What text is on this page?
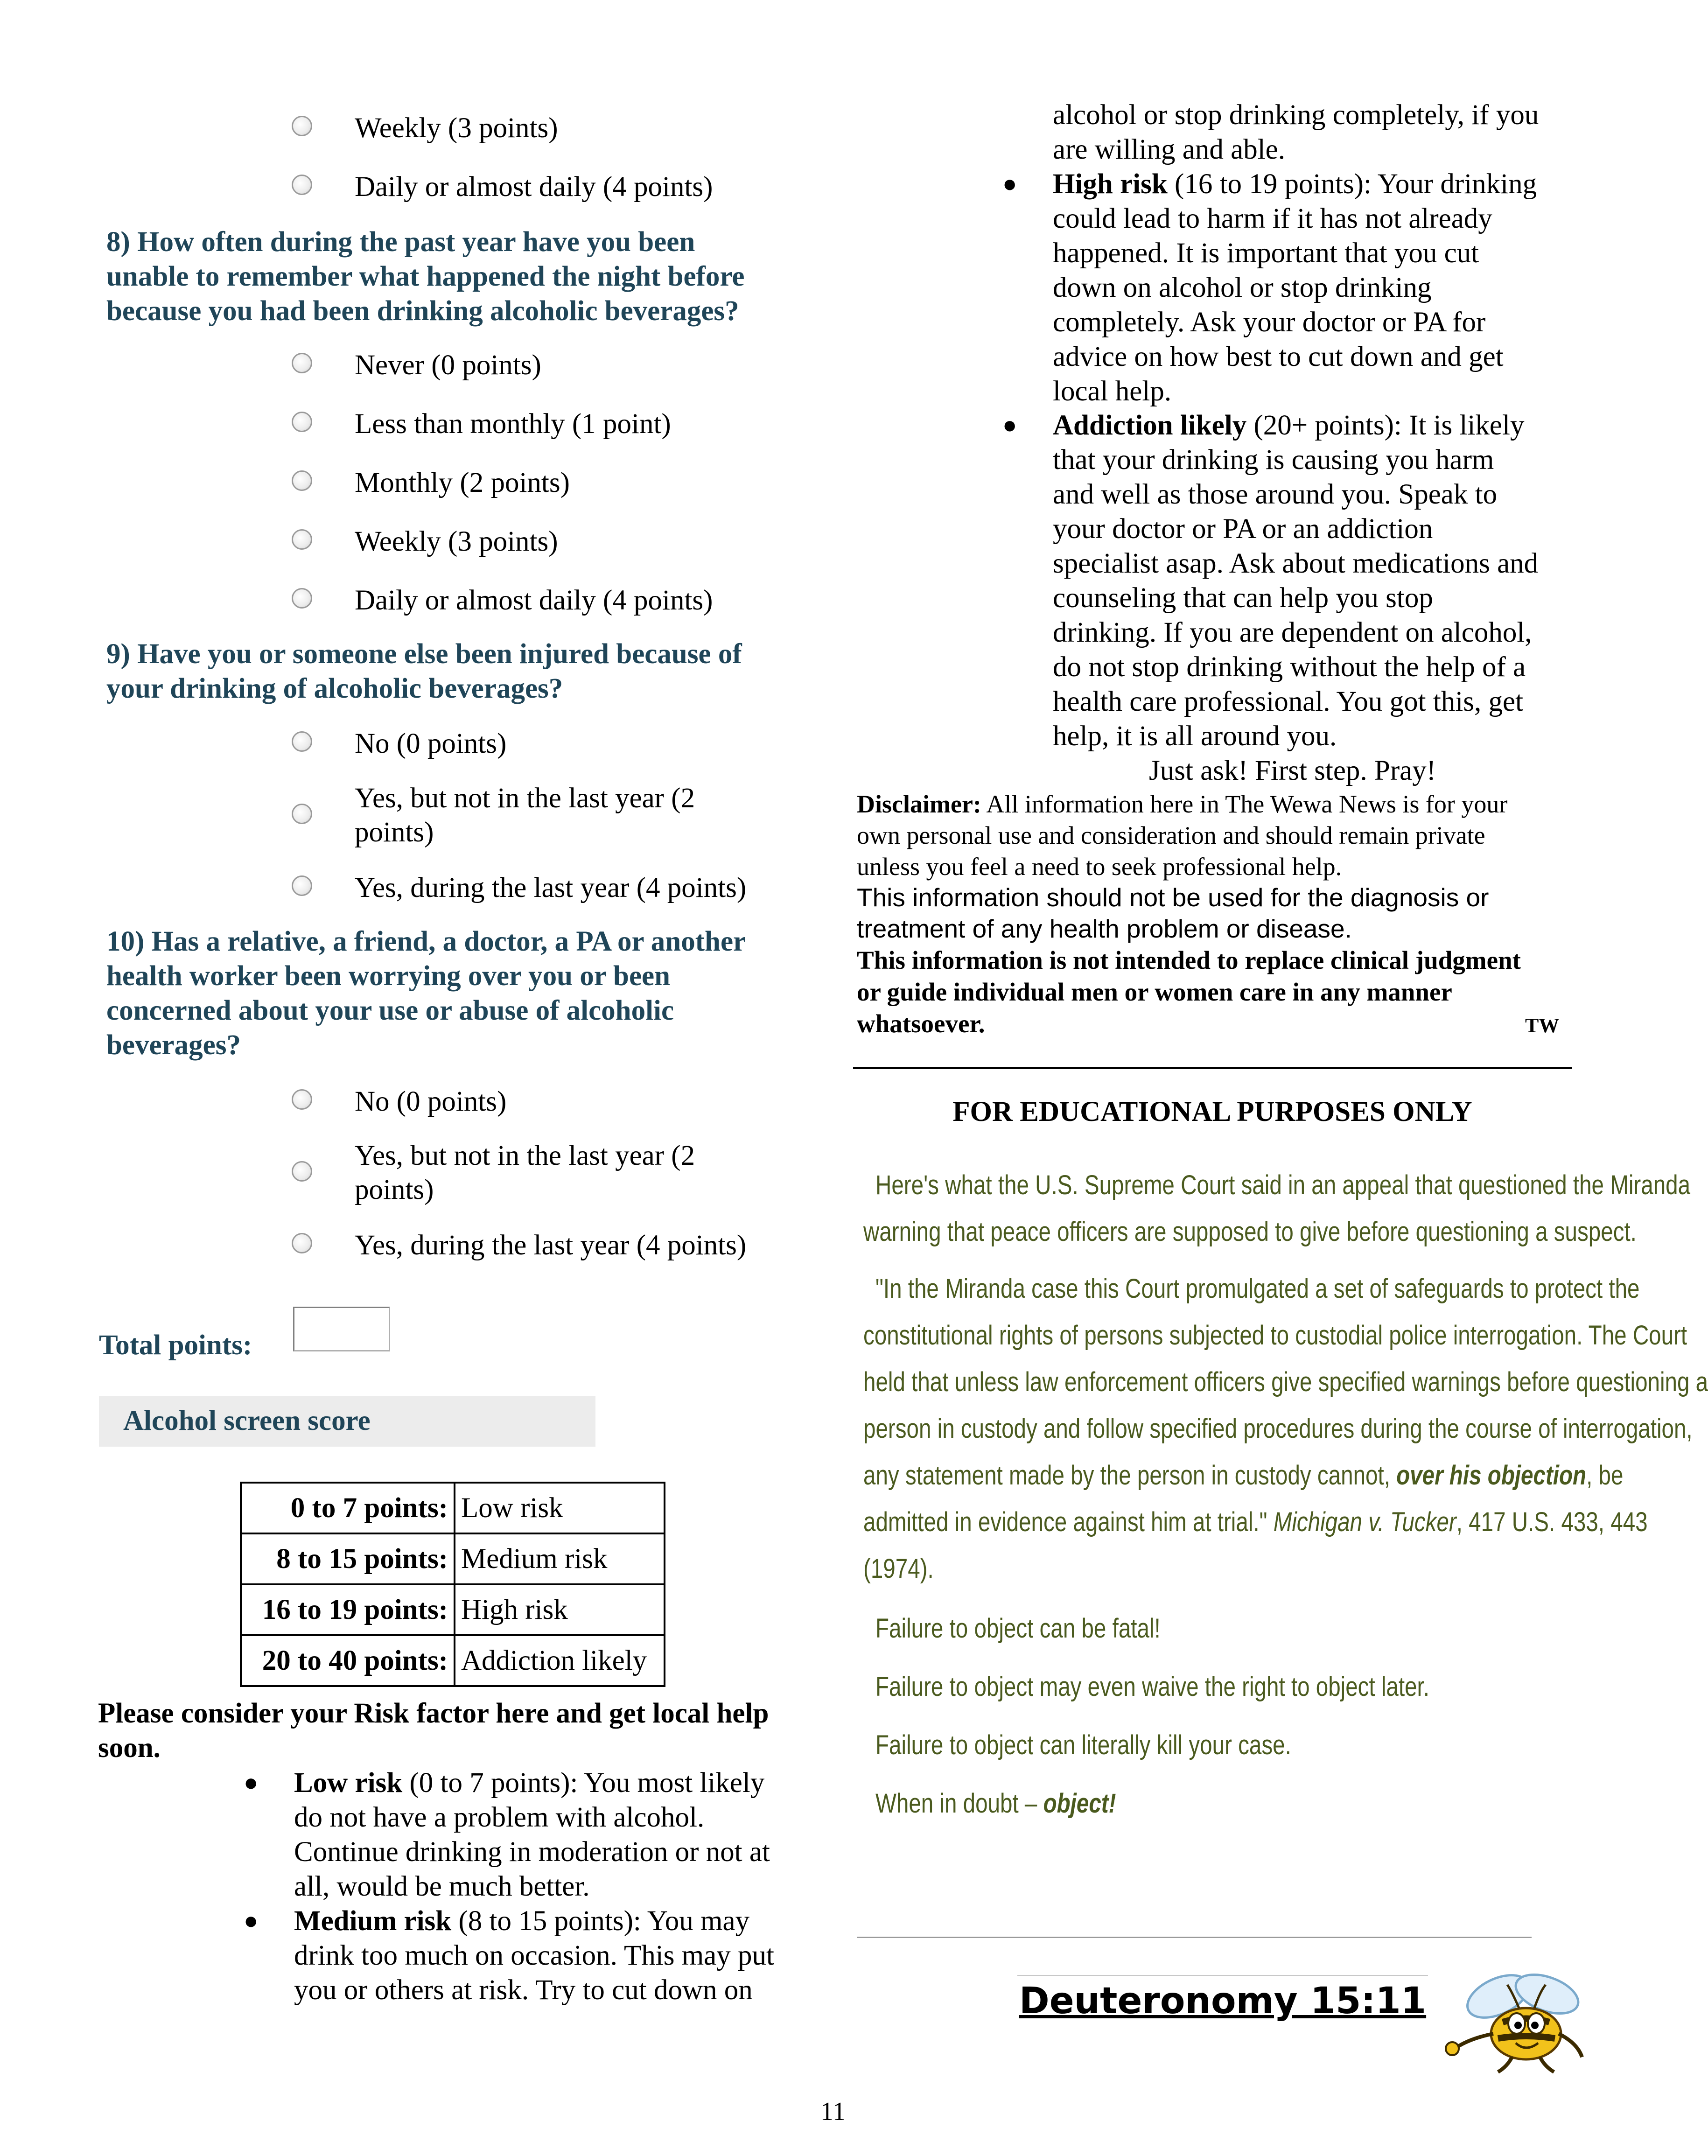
Weekly (3 points)
Daily or almost daily (4 points)
8) How often during the past year have you been
unable to remember what happened the night before
because you had been drinking alcoholic beverages?
Never (0 points)
Less than monthly (1 point)
Monthly (2 points)
Weekly (3 points)
Daily or almost daily (4 points)
9) Have you or someone else been injured because of
your drinking of alcoholic beverages?
No (0 points)
Yes, but not in the last year (2
points)
Yes, during the last year (4 points)
10) Has a relative, a friend, a doctor, a PA or another
health worker been worrying over you or been
concerned about your use or abuse of alcoholic
beverages?
No (0 points)
Yes, but not in the last year (2
points)
Yes, during the last year (4 points)
Total points:
Alcohol screen score
0 to 7 points:	Low risk
8 to 15 points:	Medium risk
16 to 19 points:	High risk
20 to 40 points:	Addiction likely
Please consider your Risk factor here and get local help
soon.
● Low risk (0 to 7 points): You most likely
do not have a problem with alcohol.
Continue drinking in moderation or not at
all, would be much better.
● Medium risk (8 to 15 points): You may
drink too much on occasion. This may put
you or others at risk. Try to cut down on
alcohol or stop drinking completely, if you
are willing and able.
● High risk (16 to 19 points): Your drinking
could lead to harm if it has not already
happened. It is important that you cut
down on alcohol or stop drinking
completely. Ask your doctor or PA for
advice on how best to cut down and get
local help.
● Addiction likely (20+ points): It is likely
that your drinking is causing you harm
and well as those around you. Speak to
your doctor or PA or an addiction
specialist asap. Ask about medications and
counseling that can help you stop
drinking. If you are dependent on alcohol,
do not stop drinking without the help of a
health care professional. You got this, get
help, it is all around you.
Just ask! First step. Pray!
Disclaimer: All information here in The Wewa News is for your
own personal use and consideration and should remain private
unless you feel a need to seek professional help.
This information should not be used for the diagnosis or
treatment of any health problem or disease.
This information is not intended to replace clinical judgment
or guide individual men or women care in any manner
whatsoever.	TW
FOR EDUCATIONAL PURPOSES ONLY
Here's what the U.S. Supreme Court said in an appeal that questioned the Miranda
warning that peace officers are supposed to give before questioning a suspect.
"In the Miranda case this Court promulgated a set of safeguards to protect the
constitutional rights of persons subjected to custodial police interrogation. The Court
held that unless law enforcement officers give specified warnings before questioning a
person in custody and follow specified procedures during the course of interrogation,
any statement made by the person in custody cannot, over his objection, be
admitted in evidence against him at trial." Michigan v. Tucker, 417 U.S. 433, 443
(1974).
Failure to object can be fatal!
Failure to object may even waive the right to object later.
Failure to object can literally kill your case.
When in doubt – object!
Deuteronomy 15:11
11
